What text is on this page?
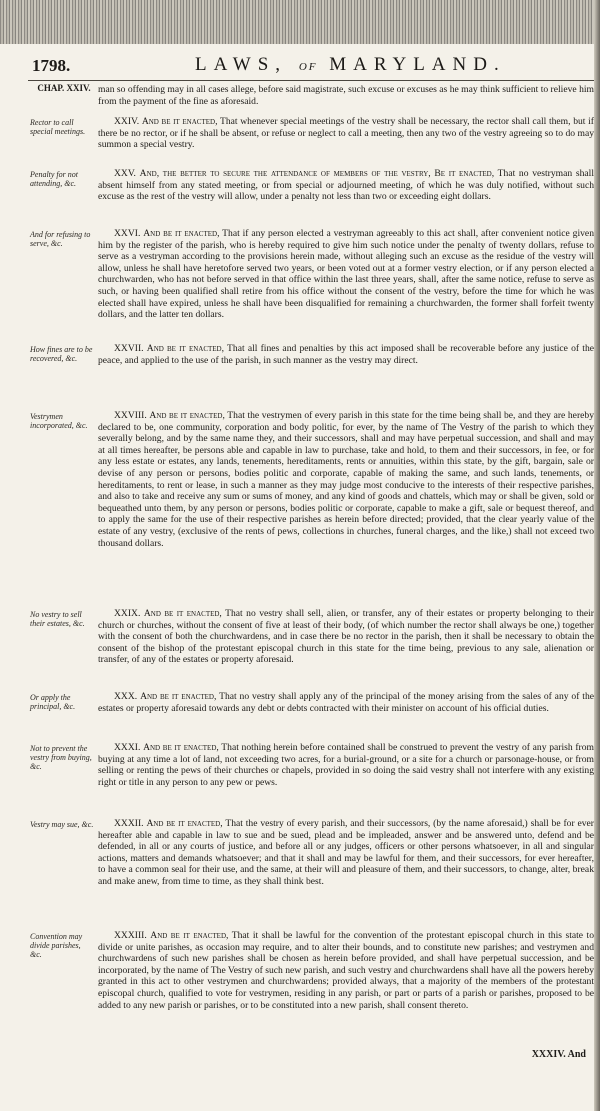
1798.	LAWS, OF MARYLAND.
CHAP. XXIV. man so offending may in all cases allege, before said magistrate, such excuse or excuses as he may think sufficient to relieve him from the payment of the fine as aforesaid.
Rector to call special meetings.
XXIV. And be it enacted, That whenever special meetings of the vestry shall be necessary, the rector shall call them, but if there be no rector, or if he shall be absent, or refuse or neglect to call a meeting, then any two of the vestry agreeing so to do may summon a special vestry.
Penalty for not attending, &c.
XXV. And, the better to secure the attendance of members of the vestry, Be it enacted, That no vestryman shall absent himself from any stated meeting, or from special or adjourned meeting, of which he was duly notified, without such excuse as the rest of the vestry will allow, under a penalty not less than two or exceeding eight dollars.
And for refusing to serve, &c.
XXVI. And be it enacted, That if any person elected a vestryman agreeably to this act shall, after convenient notice given him by the register of the parish, who is hereby required to give him such notice under the penalty of twenty dollars, refuse to serve as a vestryman according to the provisions herein made, without alleging such an excuse as the residue of the vestry will allow, unless he shall have heretofore served two years, or been voted out at a former vestry election, or if any person elected a churchwarden, who has not before served in that office within the last three years, shall, after the same notice, refuse to serve as such, or having been qualified shall retire from his office without the consent of the vestry, before the time for which he was elected shall have expired, unless he shall have been disqualified for remaining a churchwarden, the former shall forfeit twenty dollars, and the latter ten dollars.
How fines are to be recovered, &c.
XXVII. And be it enacted, That all fines and penalties by this act imposed shall be recoverable before any justice of the peace, and applied to the use of the parish, in such manner as the vestry may direct.
Vestrymen incorporated, &c.
XXVIII. And be it enacted, That the vestrymen of every parish in this state for the time being shall be, and they are hereby declared to be, one community, corporation and body politic, for ever, by the name of The Vestry of the parish to which they severally belong, and by the same name they, and their successors, shall and may have perpetual succession, and shall and may at all times hereafter, be persons able and capable in law to purchase, take and hold, to them and their successors, in fee, or for any less estate or estates, any lands, tenements, hereditaments, rents or annuities, within this state, by the gift, bargain, sale or devise of any person or persons, bodies politic and corporate, capable of making the same, and such lands, tenements, or hereditaments, to rent or lease, in such a manner as they may judge most conducive to the interests of their respective parishes, and also to take and receive any sum or sums of money, and any kind of goods and chattels, which may or shall be given, sold or bequeathed unto them, by any person or persons, bodies politic or corporate, capable to make a gift, sale or bequest thereof, and to apply the same for the use of their respective parishes as herein before directed; provided, that the clear yearly value of the estate of any vestry, (exclusive of the rents of pews, collections in churches, funeral charges, and the like,) shall not exceed two thousand dollars.
No vestry to sell their estates, &c.
XXIX. And be it enacted, That no vestry shall sell, alien, or transfer, any of their estates or property belonging to their church or churches, without the consent of five at least of their body, (of which number the rector shall always be one,) together with the consent of both the churchwardens, and in case there be no rector in the parish, then it shall be necessary to obtain the consent of the bishop of the protestant episcopal church in this state for the time being, previous to any sale, alienation or transfer, of any of the estates or property aforesaid.
Or apply the principal, &c.
XXX. And be it enacted, That no vestry shall apply any of the principal of the money arising from the sales of any of the estates or property aforesaid towards any debt or debts contracted with their minister on account of his official duties.
Not to prevent the vestry from buying, &c.
XXXI. And be it enacted, That nothing herein before contained shall be construed to prevent the vestry of any parish from buying at any time a lot of land, not exceeding two acres, for a burial-ground, or a site for a church or parsonage-house, or from selling or renting the pews of their churches or chapels, provided in so doing the said vestry shall not interfere with any existing right or title in any person to any pew or pews.
Vestry may sue, &c.	XXXII. And be it enacted, That the vestry of every parish, and their successors, (by the name aforesaid,) shall be for ever hereafter able and capable in law to sue and be sued, plead and be impleaded, answer and be answered unto, defend and be defended, in all or any courts of justice, and before all or any judges, officers or other persons whatsoever, in all and singular actions, matters and demands whatsoever; and that it shall and may be lawful for them, and their successors, for ever hereafter, to have a common seal for their use, and the same, at their will and pleasure of them, and their successors, to change, alter, break and make anew, from time to time, as they shall think best.
Convention may divide parishes, &c.
XXXIII. And be it enacted, That it shall be lawful for the convention of the protestant episcopal church in this state to divide or unite parishes, as occasion may require, and to alter their bounds, and to constitute new parishes; and vestrymen and churchwardens of such new parishes shall be chosen as herein before provided, and shall have perpetual succession, and be incorporated, by the name of The Vestry of such new parish, and such vestry and churchwardens shall have all the powers hereby granted in this act to other vestrymen and churchwardens; provided always, that a majority of the members of the protestant episcopal church, qualified to vote for vestrymen, residing in any parish, or part or parts of a parish or parishes, proposed to be added to any new parish or parishes, or to be constituted into a new parish, shall consent thereto.
XXXIV. And
